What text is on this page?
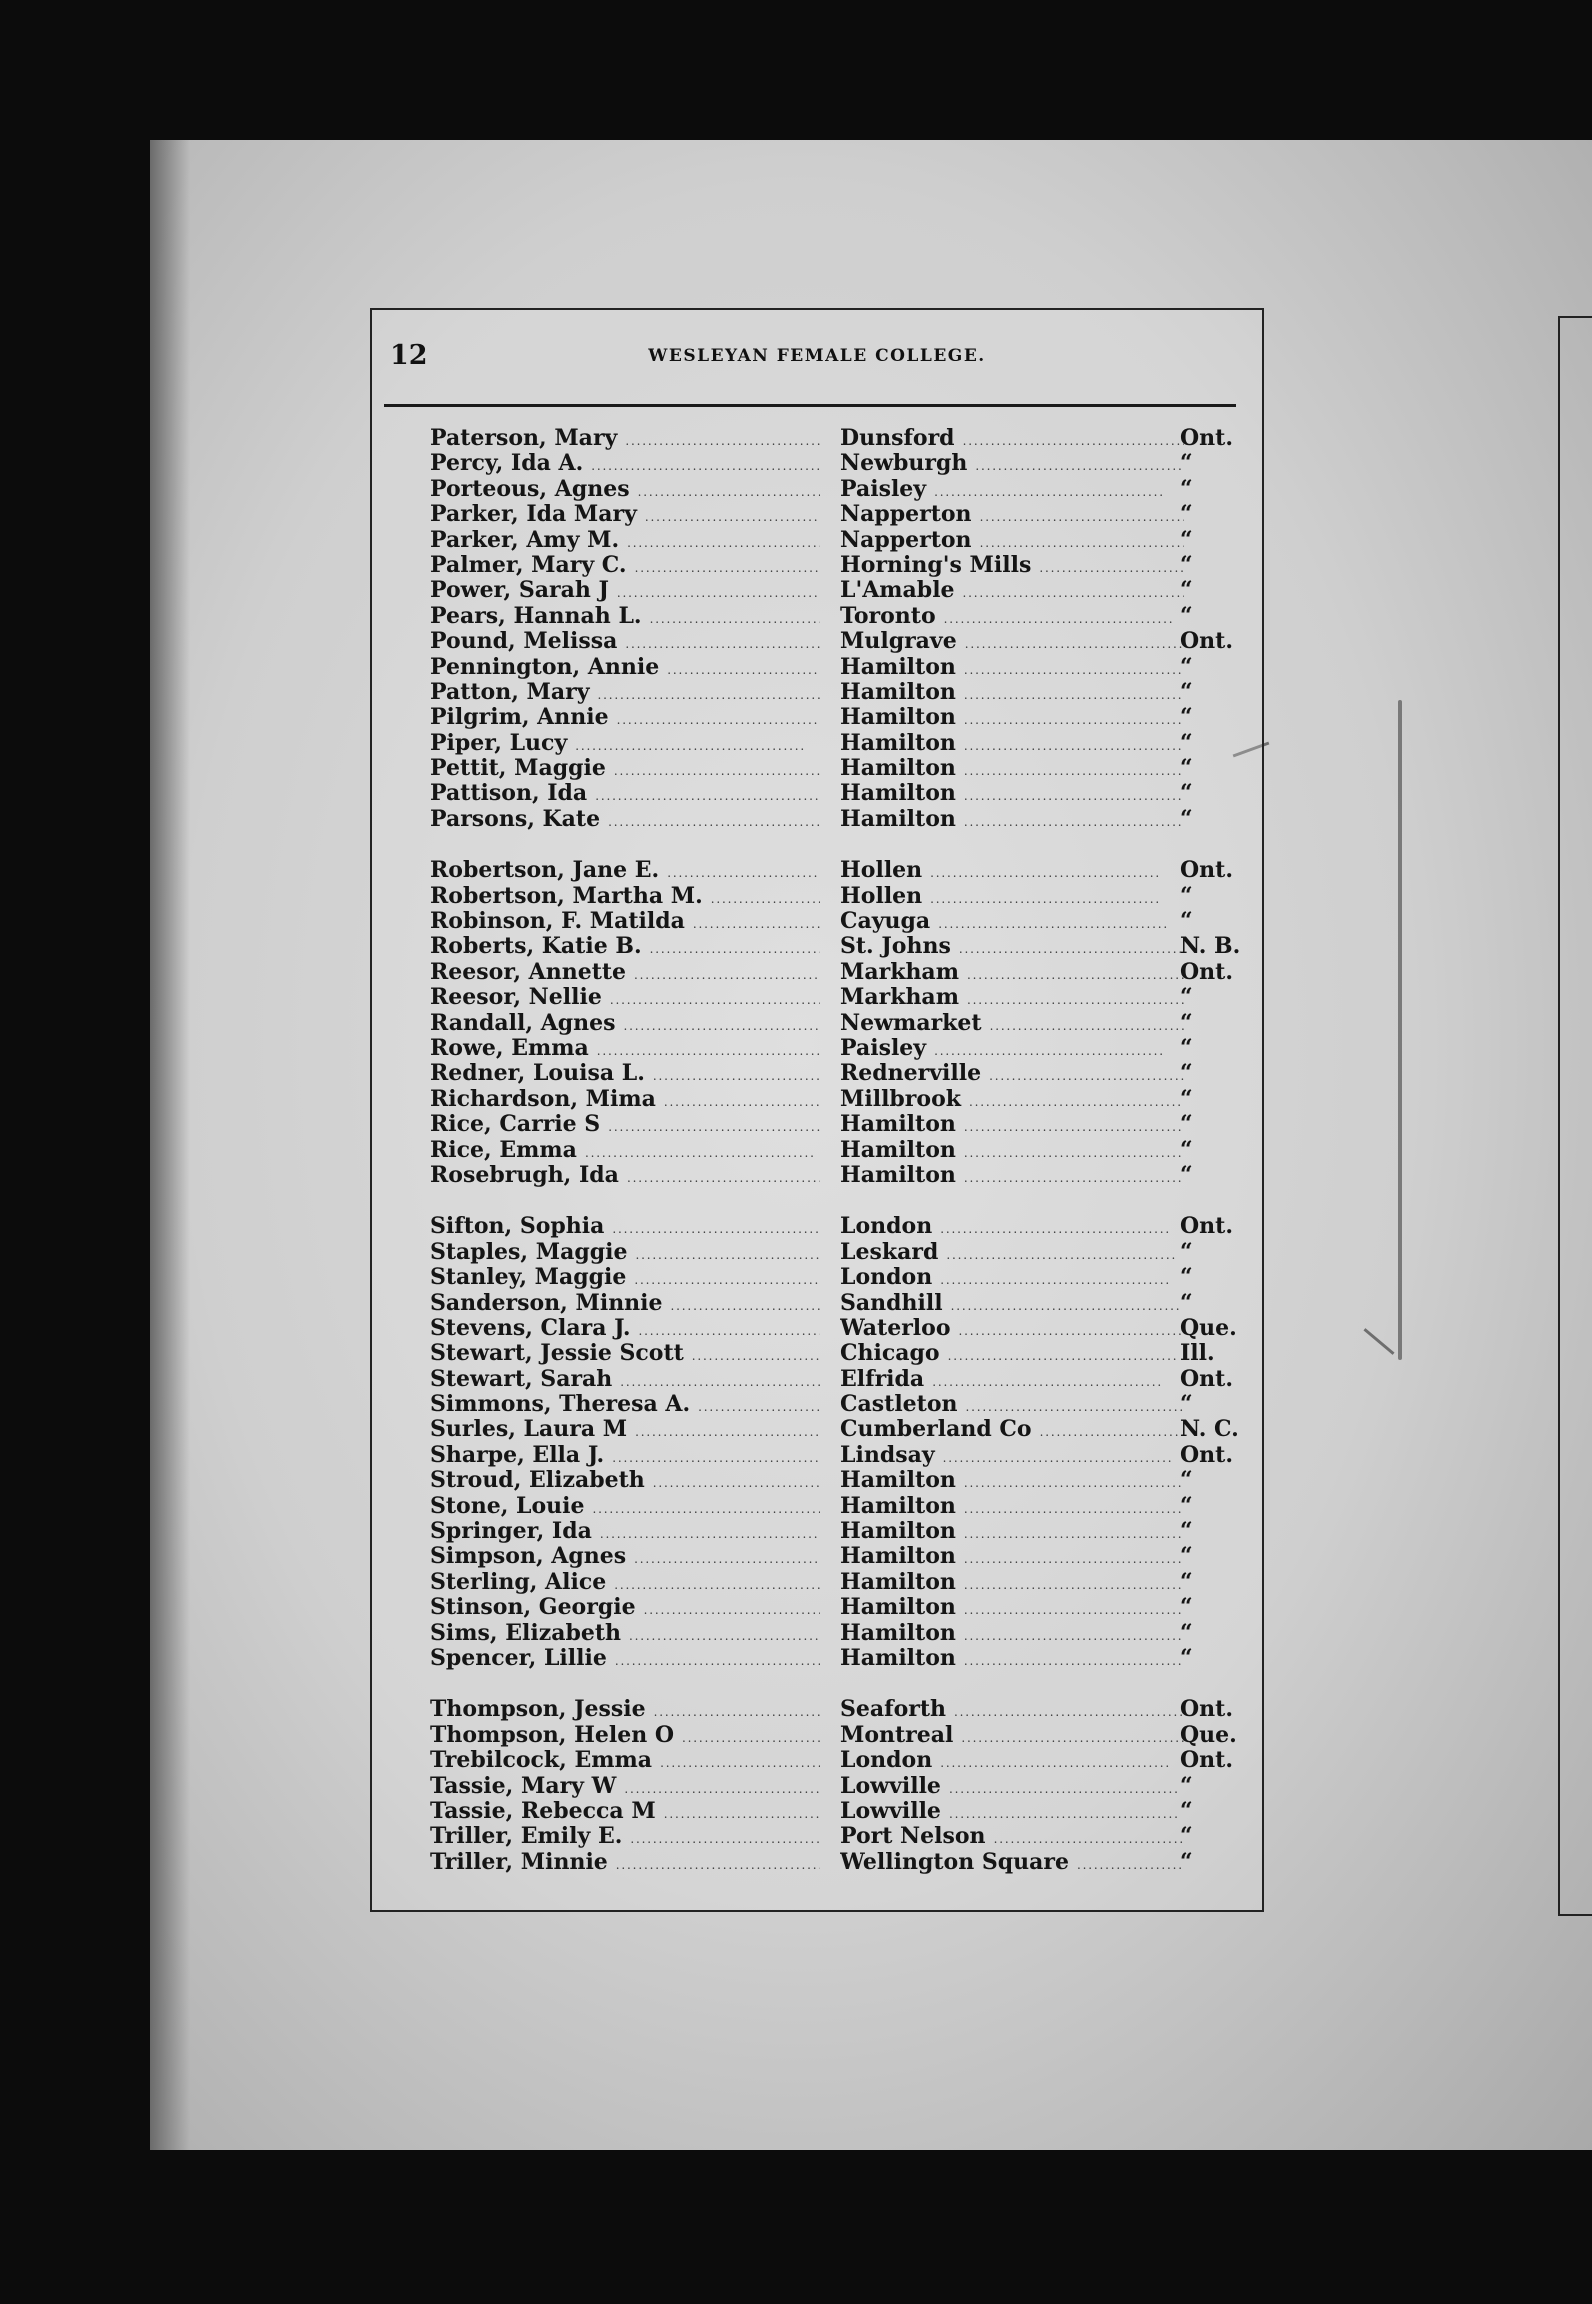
12	WESLEYAN FEMALE COLLEGE.
Paterson, Mary . .	Dunsford . .	Ont.
Percy, Ida A. . .	Newburgh . .	“
Porteous, Agnes . .	Paisley . .	“
Parker, Ida Mary . .	Napperton . .	“
Parker, Amy M. . .	Napperton . .	“
Palmer, Mary C. . .	Horning's Mills . .	“
Power, Sarah J . .	L'Amable . .	“
Pears, Hannah L. . .	Toronto . .	“
Pound, Melissa . .	Mulgrave . .	Ont.
Pennington, Annie . .	Hamilton . .	“
Patton, Mary . .	Hamilton . .	“
Pilgrim, Annie . .	Hamilton . .	“
Piper, Lucy . .	Hamilton . .	“
Pettit, Maggie . .	Hamilton . .	“
Pattison, Ida . .	Hamilton . .	“
Parsons, Kate . .	Hamilton . .	“
Robertson, Jane E. . .	Hollen . .	Ont.
Robertson, Martha M. . .	Hollen . .	“
Robinson, F. Matilda . .	Cayuga . .	“
Roberts, Katie B. . .	St. Johns . .	N. B.
Reesor, Annette . .	Markham . .	Ont.
Reesor, Nellie . .	Markham . .	“
Randall, Agnes . .	Newmarket . .	“
Rowe, Emma . .	Paisley . .	“
Redner, Louisa L. . .	Rednerville . .	“
Richardson, Mima . .	Millbrook . .	“
Rice, Carrie S . .	Hamilton . .	“
Rice, Emma . .	Hamilton . .	“
Rosebrugh, Ida . .	Hamilton . .	“
Sifton, Sophia . .	London . .	Ont.
Staples, Maggie . .	Leskard . .	“
Stanley, Maggie . .	London . .	“
Sanderson, Minnie . .	Sandhill . .	“
Stevens, Clara J. . .	Waterloo . .	Que.
Stewart, Jessie Scott . .	Chicago . .	Ill.
Stewart, Sarah . .	Elfrida . .	Ont.
Simmons, Theresa A. . .	Castleton . .	“
Surles, Laura M . .	Cumberland Co . .	N. C.
Sharpe, Ella J. . .	Lindsay . .	Ont.
Stroud, Elizabeth . .	Hamilton . .	“
Stone, Louie . .	Hamilton . .	“
Springer, Ida . .	Hamilton . .	“
Simpson, Agnes . .	Hamilton . .	“
Sterling, Alice . .	Hamilton . .	“
Stinson, Georgie . .	Hamilton . .	“
Sims, Elizabeth . .	Hamilton . .	“
Spencer, Lillie . .	Hamilton . .	“
Thompson, Jessie . .	Seaforth . .	Ont.
Thompson, Helen O . .	Montreal . .	Que.
Trebilcock, Emma . .	London . .	Ont.
Tassie, Mary W . .	Lowville . .	“
Tassie, Rebecca M . .	Lowville . .	“
Triller, Emily E. . .	Port Nelson . .	“
Triller, Minnie . .	Wellington Square . .	“
